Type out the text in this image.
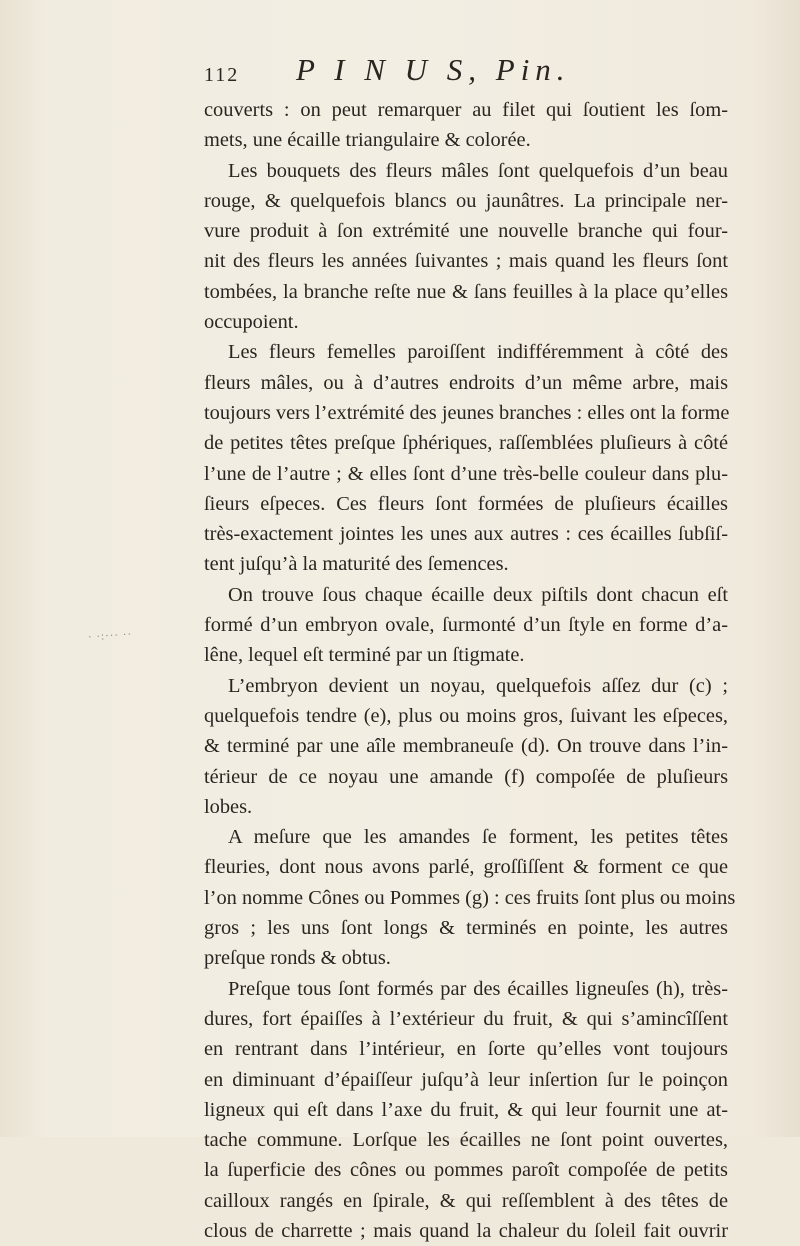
112 P I N U S, Pin.
· ·:··· ··
couverts : on peut remarquer au filet qui ſoutient les ſom-
mets, une écaille triangulaire & colorée.
Les bouquets des fleurs mâles ſont quelquefois d’un beau
rouge, & quelquefois blancs ou jaunâtres. La principale ner-
vure produit à ſon extrémité une nouvelle branche qui four-
nit des fleurs les années ſuivantes ; mais quand les fleurs ſont
tombées, la branche reſte nue & ſans feuilles à la place qu’elles
occupoient.
Les fleurs femelles paroiſſent indifféremment à côté des
fleurs mâles, ou à d’autres endroits d’un même arbre, mais
toujours vers l’extrémité des jeunes branches : elles ont la forme
de petites têtes preſque ſphériques, raſſemblées pluſieurs à côté
l’une de l’autre ; & elles ſont d’une très-belle couleur dans plu-
ſieurs eſpeces. Ces fleurs ſont formées de pluſieurs écailles
très-exactement jointes les unes aux autres : ces écailles ſubſiſ-
tent juſqu’à la maturité des ſemences.
On trouve ſous chaque écaille deux piſtils dont chacun eſt
formé d’un embryon ovale, ſurmonté d’un ſtyle en forme d’a-
lêne, lequel eſt terminé par un ſtigmate.
L’embryon devient un noyau, quelquefois aſſez dur (c) ;
quelquefois tendre (e), plus ou moins gros, ſuivant les eſpeces,
& terminé par une aîle membraneuſe (d). On trouve dans l’in-
térieur de ce noyau une amande (f) compoſée de pluſieurs
lobes.
A meſure que les amandes ſe forment, les petites têtes
fleuries, dont nous avons parlé, groſſiſſent & forment ce que
l’on nomme Cônes ou Pommes (g) : ces fruits ſont plus ou moins
gros ; les uns ſont longs & terminés en pointe, les autres
preſque ronds & obtus.
Preſque tous ſont formés par des écailles ligneuſes (h), très-
dures, fort épaiſſes à l’extérieur du fruit, & qui s’amincîſſent
en rentrant dans l’intérieur, en ſorte qu’elles vont toujours
en diminuant d’épaiſſeur juſqu’à leur inſertion ſur le poinçon
ligneux qui eſt dans l’axe du fruit, & qui leur fournit une at-
tache commune. Lorſque les écailles ne ſont point ouvertes,
la ſuperficie des cônes ou pommes paroît compoſée de petits
cailloux rangés en ſpirale, & qui reſſemblent à des têtes de
clous de charrette ; mais quand la chaleur du ſoleil fait ouvrir
